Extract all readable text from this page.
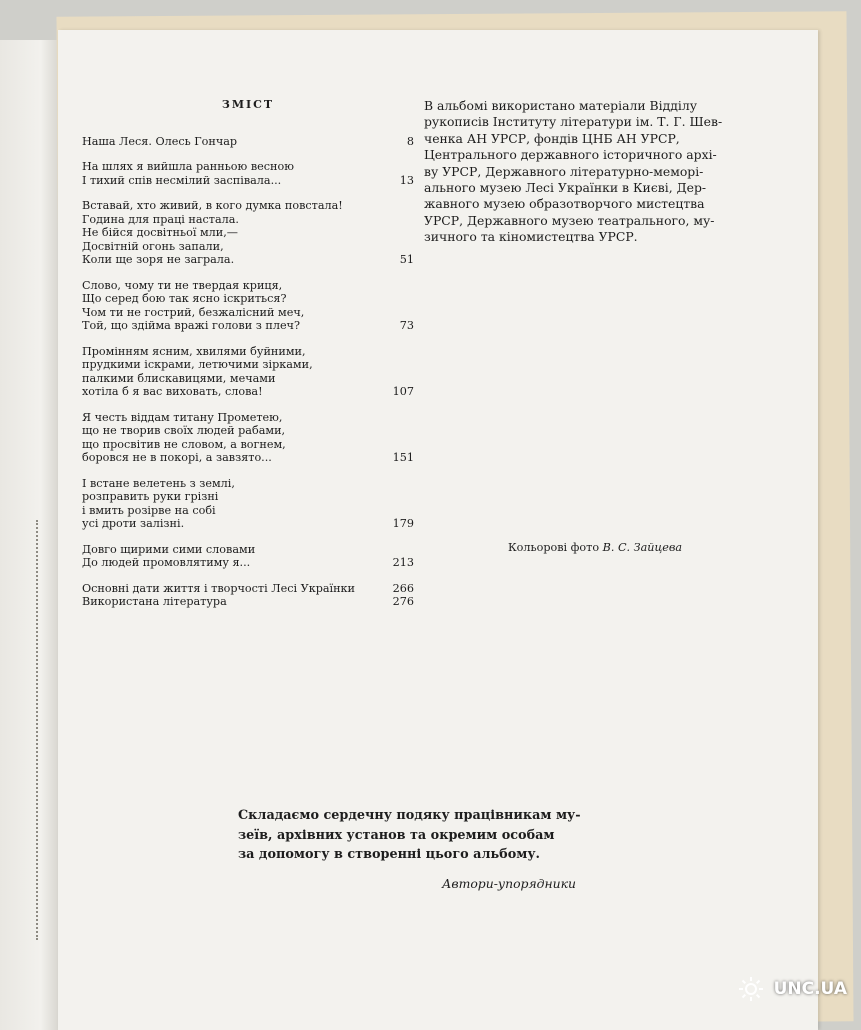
ЗМІСТ
Наша Леся. Олесь Гончар	8
На шлях я вийшла ранньою весною
І тихий спів несмілий заспівала...	13
Вставай, хто живий, в кого думка повстала!
Година для праці настала.
Не бійся досвітньої мли,—
Досвітній огонь запали,
Коли ще зоря не заграла.	51
Слово, чому ти не твердая криця,
Що серед бою так ясно іскриться?
Чом ти не гострий, безжалісний меч,
Той, що здійма вражі голови з плеч?	73
Промінням ясним, хвилями буйними,
прудкими іскрами, летючими зірками,
палкими блискавицями, мечами
хотіла б я вас виховать, слова!	107
Я честь віддам титану Прометею,
що не творив своїх людей рабами,
що просвітив не словом, а вогнем,
боровся не в покорі, а завзято...	151
І встане велетень з землі,
розправить руки грізні
і вмить розірве на собі
усі дроти залізні.	179
Довго щирими сими словами
До людей промовлятиму я...	213
Основні дати життя і творчості Лесі Українки	266
Використана література	276
В альбомі використано матеріали Відділу
рукописів Інституту літератури ім. Т. Г. Шев-
ченка АН УРСР, фондів ЦНБ АН УРСР,
Центрального державного історичного архі-
ву УРСР, Державного літературно-меморі-
ального музею Лесі Українки в Києві, Дер-
жавного музею образотворчого мистецтва
УРСР, Державного музею театрального, му-
зичного та кіномистецтва УРСР.
Кольорові фото В. С. Зайцева
Складаємо сердечну подяку працівникам му-
зеїв, архівних установ та окремим особам
за допомогу в створенні цього альбому.
Автори-упорядники
UNC.UA
